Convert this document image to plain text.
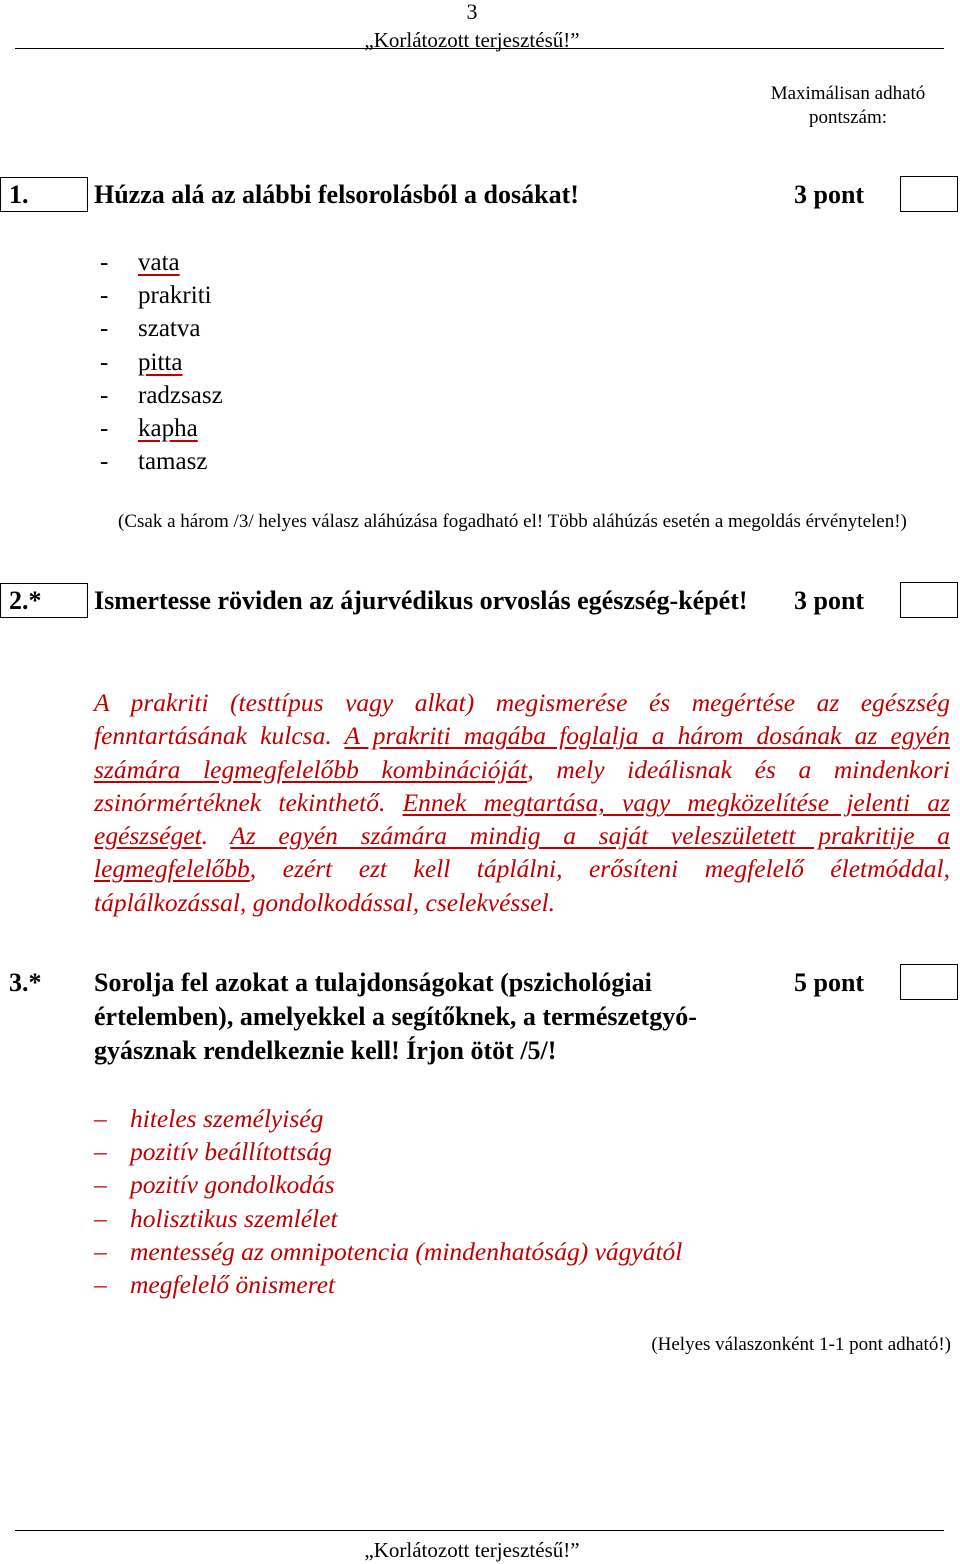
3
„Korlátozott terjesztésű!”
Maximálisan adható pontszám:
1.	Húzza alá az alábbi felsorolásból a dosákat!	3 pont
- vata
- prakriti
- szatva
- pitta
- radzsasz
- kapha
- tamasz
(Csak a három /3/ helyes válasz aláhúzása fogadható el! Több aláhúzás esetén a megoldás érvénytelen!)
2.*	Ismertesse röviden az ájurvédikus orvoslás egészség-képét! 3 pont

A prakriti (testtípus vagy alkat) megismerése és megértése az egészség fenntartásának kulcsa. A prakriti magába foglalja a három dosának az egyén számára legmegfelelőbb kombinációját, mely ideálisnak és a mindenkori zsinórmértéknek tekinthető. Ennek megtartása, vagy megközelítése jelenti az egészséget. Az egyén számára mindig a saját veleszületett prakritije a legmegfelelőbb, ezért ezt kell táplálni, erősíteni megfelelő életmóddal, táplálkozással, gondolkodással, cselekvéssel.

3.*	Sorolja fel azokat a tulajdonságokat (pszichológiai értelemben), amelyekkel a segítőknek, a természetgyó-gyásznak rendelkeznie kell! Írjon ötöt /5/!
5 pont
– hiteles személyiség
– pozitív beállítottság
– pozitív gondolkodás
– holisztikus szemlélet
– mentesség az omnipotencia (mindenhatóság) vágyától
– megfelelő önismeret
(Helyes válaszonként 1-1 pont adható!)
„Korlátozott terjesztésű!”
